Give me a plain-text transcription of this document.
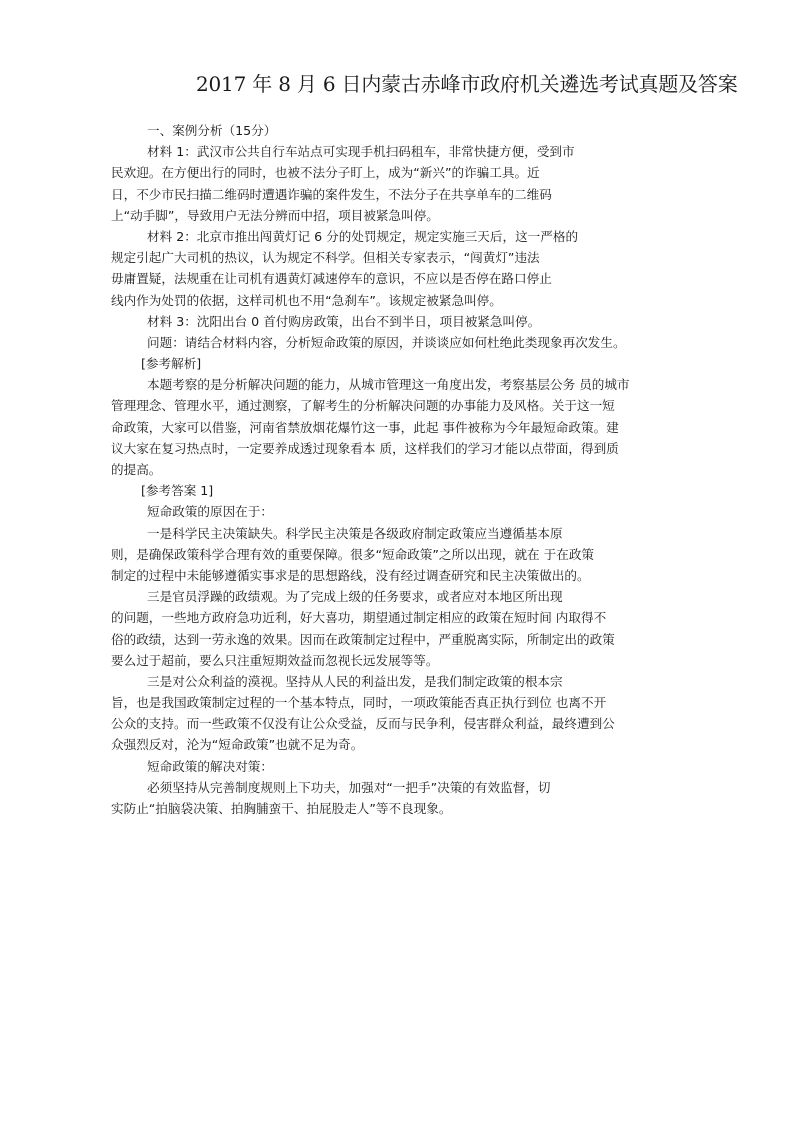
2017 年 8 月 6 日内蒙古赤峰市政府机关遴选考试真题及答案
一、案例分析（15分）
材料 1：武汉市公共自行车站点可实现手机扫码租车，非常快捷方便，受到市
民欢迎。在方便出行的同时，也被不法分子盯上，成为“新兴”的诈骗工具。近
日，不少市民扫描二维码时遭遇诈骗的案件发生，不法分子在共享单车的二维码
上“动手脚”，导致用户无法分辨而中招，项目被紧急叫停。
材料 2：北京市推出闯黄灯记 6 分的处罚规定，规定实施三天后，这一严格的
规定引起广大司机的热议，认为规定不科学。但相关专家表示，“闯黄灯”违法
毋庸置疑，法规重在让司机有遇黄灯减速停车的意识，不应以是否停在路口停止
线内作为处罚的依据，这样司机也不用“急刹车”。该规定被紧急叫停。
材料 3：沈阳出台 0 首付购房政策，出台不到半日，项目被紧急叫停。
问题：请结合材料内容，分析短命政策的原因，并谈谈应如何杜绝此类现象再次发生。
[参考解析]
本题考察的是分析解决问题的能力，从城市管理这一角度出发，考察基层公务 员的城市
管理理念、管理水平，通过测察，了解考生的分析解决问题的办事能力及风格。关于这一短
命政策，大家可以借鉴，河南省禁放烟花爆竹这一事，此起 事件被称为今年最短命政策。建
议大家在复习热点时，一定要养成透过现象看本 质，这样我们的学习才能以点带面，得到质
的提高。
[参考答案 1]
短命政策的原因在于：
一是科学民主决策缺失。科学民主决策是各级政府制定政策应当遵循基本原
则，是确保政策科学合理有效的重要保障。很多“短命政策”之所以出现，就在 于在政策
制定的过程中未能够遵循实事求是的思想路线，没有经过调查研究和民主决策做出的。
三是官员浮躁的政绩观。为了完成上级的任务要求，或者应对本地区所出现
的问题，一些地方政府急功近利，好大喜功，期望通过制定相应的政策在短时间 内取得不
俗的政绩，达到一劳永逸的效果。因而在政策制定过程中，严重脱离实际，所制定出的政策
要么过于超前，要么只注重短期效益而忽视长远发展等等。
三是对公众利益的漠视。坚持从人民的利益出发，是我们制定政策的根本宗
旨，也是我国政策制定过程的一个基本特点，同时，一项政策能否真正执行到位 也离不开
公众的支持。而一些政策不仅没有让公众受益，反而与民争利，侵害群众利益，最终遭到公
众强烈反对，沦为“短命政策”也就不足为奇。
短命政策的解决对策：
必须坚持从完善制度规则上下功夫，加强对“一把手”决策的有效监督，切
实防止“拍脑袋决策、拍胸脯蛮干、拍屁股走人”等不良现象。
